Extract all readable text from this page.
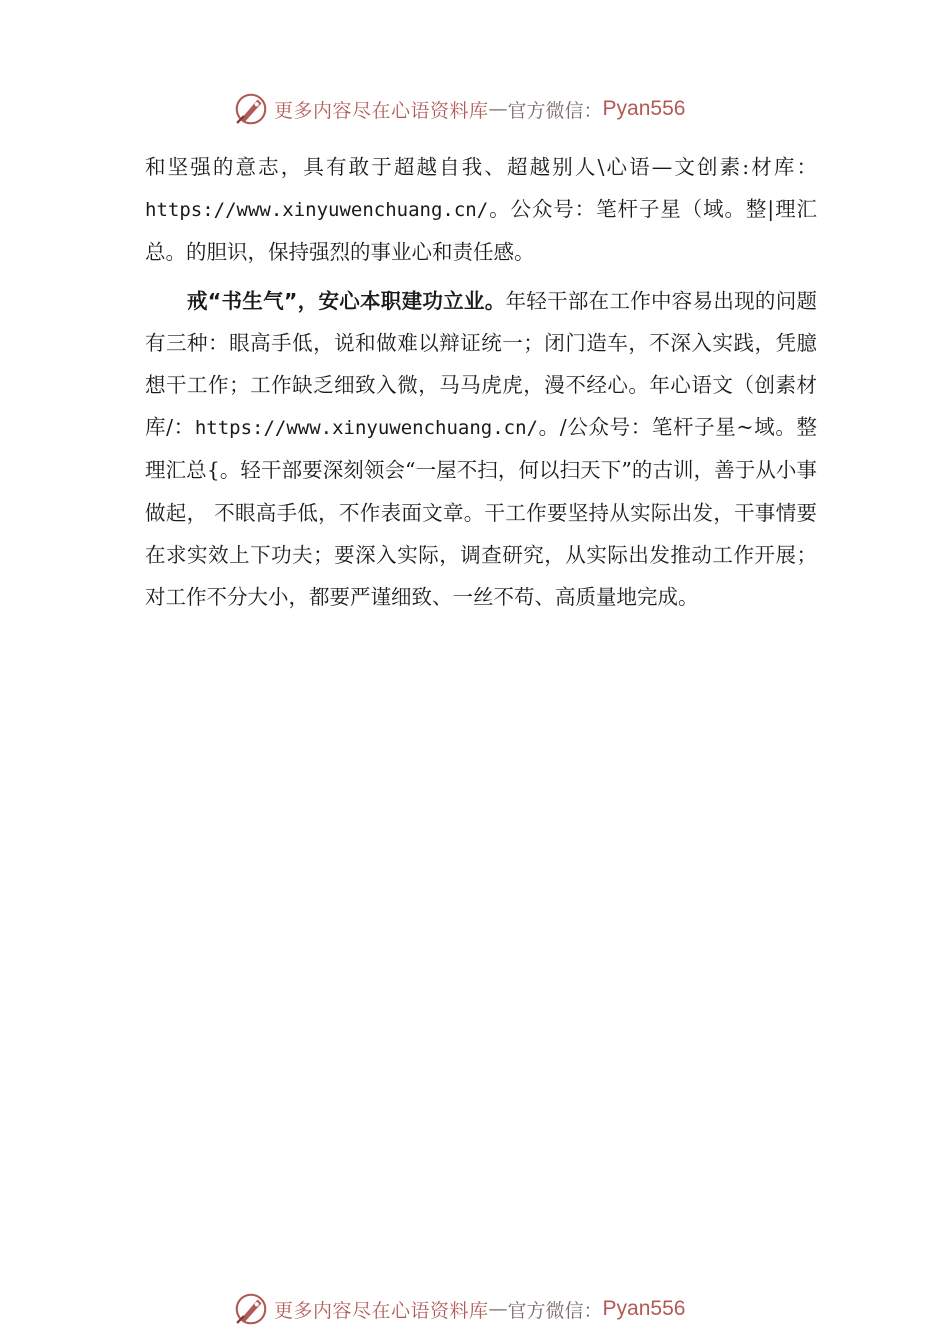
更多内容尽在心语资料库 — 官方微信： Pyan556

和坚强的意志，具有敢于超越自我、超越别人\心语—文创素:材库：https://www.xinyuwenchuang.cn/。公众号：笔杆子星（域。整|理汇总。的胆识，保持强烈的事业心和责任感。

戒“书生气”，安心本职建功立业。年轻干部在工作中容易出现的问题有三种：眼高手低，说和做难以辩证统一；闭门造车，不深入实践，凭臆想干工作；工作缺乏细致入微，马马虎虎，漫不经心。年心语文（创素材库/：https://www.xinyuwenchuang.cn/。/公众号：笔杆子星~域。整理汇总{。轻干部要深刻领会“一屋不扫，何以扫天下”的古训，善于从小事做起， 不眼高手低，不作表面文章。干工作要坚持从实际出发，干事情要在求实效上下功夫；要深入实际，调查研究，从实际出发推动工作开展； 对工作不分大小，都要严谨细致、一丝不苟、高质量地完成。

更多内容尽在心语资料库 — 官方微信： Pyan556
